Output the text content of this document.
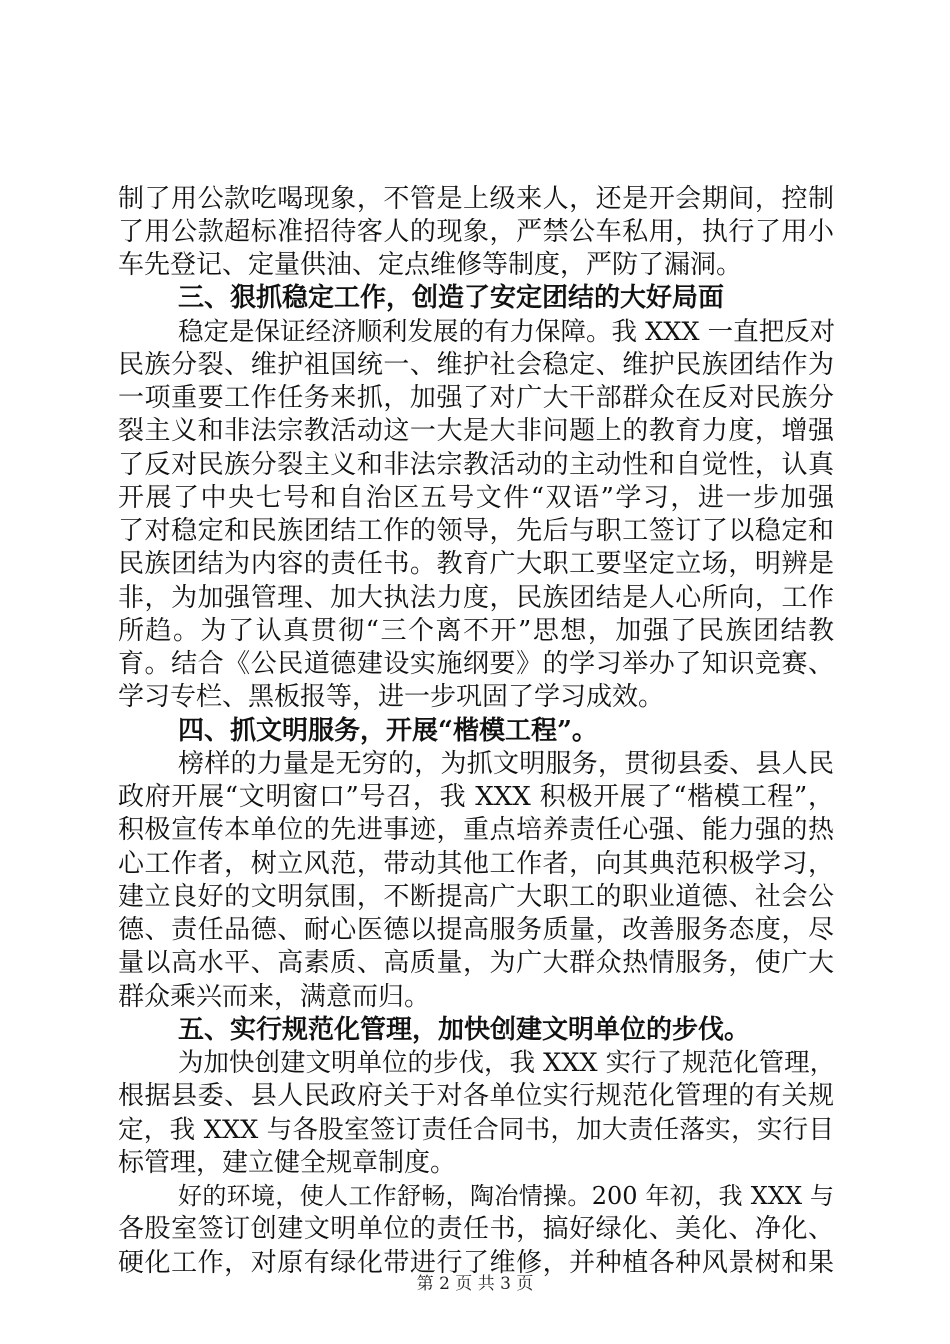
制了用公款吃喝现象，不管是上级来人，还是开会期间，控制
了用公款超标准招待客人的现象，严禁公车私用，执行了用小
车先登记、定量供油、定点维修等制度，严防了漏洞。
三、狠抓稳定工作，创造了安定团结的大好局面
稳定是保证经济顺利发展的有力保障。我 XXX 一直把反对
民族分裂、维护祖国统一、维护社会稳定、维护民族团结作为
一项重要工作任务来抓，加强了对广大干部群众在反对民族分
裂主义和非法宗教活动这一大是大非问题上的教育力度，增强
了反对民族分裂主义和非法宗教活动的主动性和自觉性，认真
开展了中央七号和自治区五号文件“双语”学习，进一步加强
了对稳定和民族团结工作的领导，先后与职工签订了以稳定和
民族团结为内容的责任书。教育广大职工要坚定立场，明辨是
非，为加强管理、加大执法力度，民族团结是人心所向，工作
所趋。为了认真贯彻“三个离不开”思想，加强了民族团结教
育。结合《公民道德建设实施纲要》的学习举办了知识竞赛、
学习专栏、黑板报等，进一步巩固了学习成效。
四、抓文明服务，开展“楷模工程”。
榜样的力量是无穷的，为抓文明服务，贯彻县委、县人民
政府开展“文明窗口”号召，我 XXX 积极开展了“楷模工程”，
积极宣传本单位的先进事迹，重点培养责任心强、能力强的热
心工作者，树立风范，带动其他工作者，向其典范积极学习，
建立良好的文明氛围，不断提高广大职工的职业道德、社会公
德、责任品德、耐心医德以提高服务质量，改善服务态度，尽
量以高水平、高素质、高质量，为广大群众热情服务，使广大
群众乘兴而来，满意而归。
五、实行规范化管理，加快创建文明单位的步伐。
为加快创建文明单位的步伐，我 XXX 实行了规范化管理，
根据县委、县人民政府关于对各单位实行规范化管理的有关规
定，我 XXX 与各股室签订责任合同书，加大责任落实，实行目
标管理，建立健全规章制度。
好的环境，使人工作舒畅，陶冶情操。200 年初，我 XXX 与
各股室签订创建文明单位的责任书，搞好绿化、美化、净化、
硬化工作，对原有绿化带进行了维修，并种植各种风景树和果
第 2 页 共 3 页
